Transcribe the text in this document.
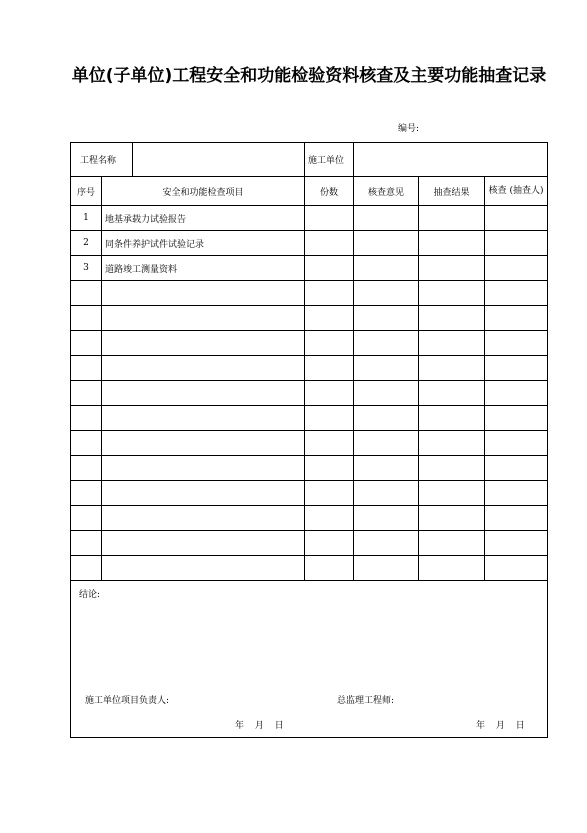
单位(子单位)工程安全和功能检验资料核查及主要功能抽查记录
编号:
工程名称			施工单位			
序号	安全和功能检查项目		份数	核查意见	抽查结果	核查 (抽查人)
1	地基承载力试验报告					
2	同条件养护试件试验记录					
3	道路竣工测量资料					

结论:
施工单位项目负责人: 总监理工程师:
年 月 日 年 月 日						
